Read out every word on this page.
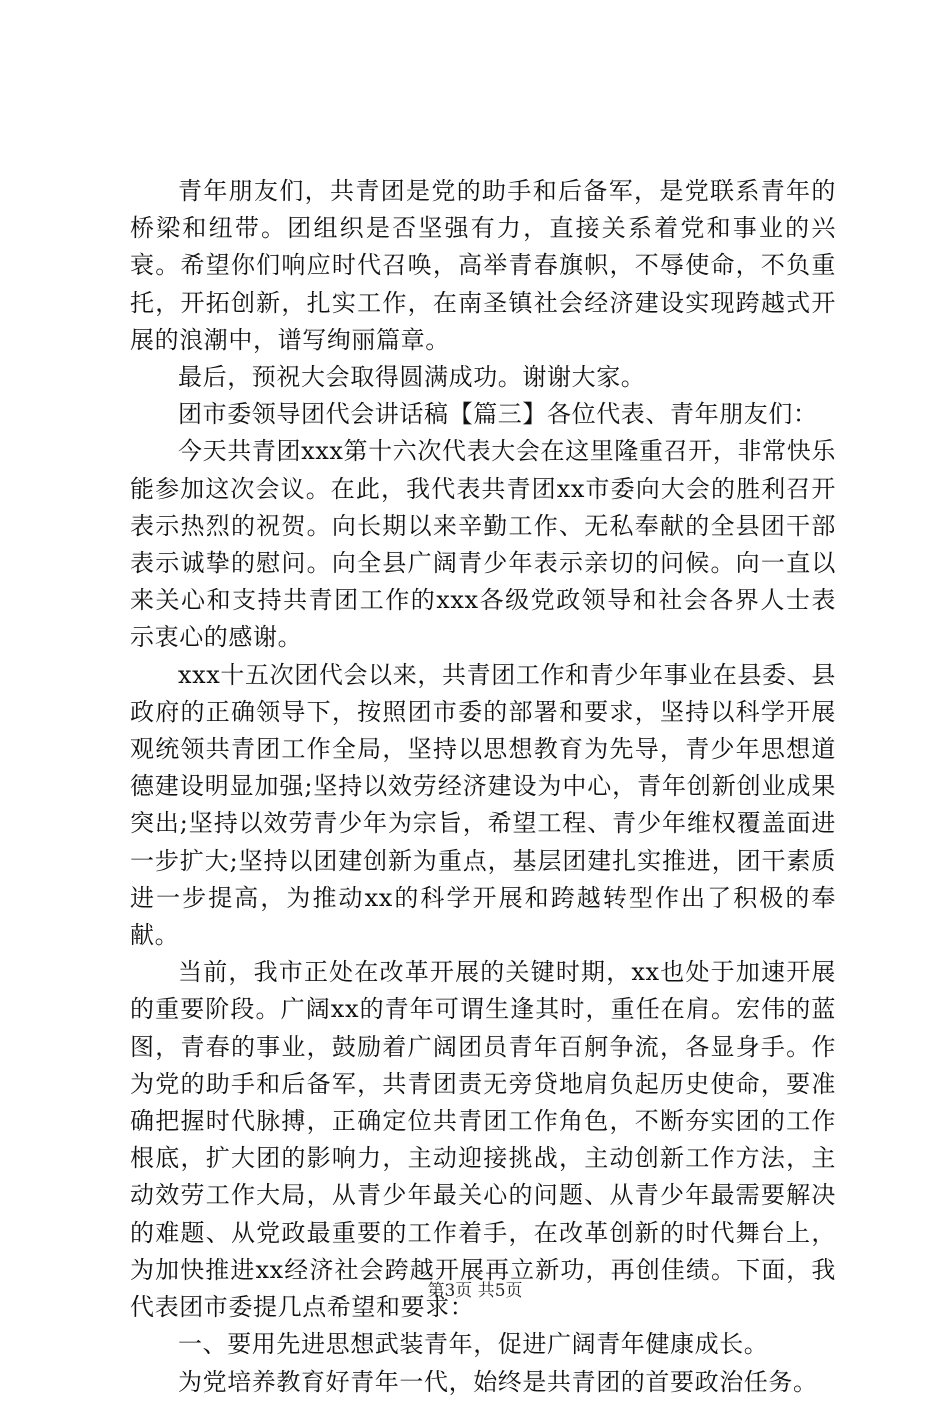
青年朋友们，共青团是党的助手和后备军，是党联系青年的桥梁和纽带。团组织是否坚强有力，直接关系着党和事业的兴衰。希望你们响应时代召唤，高举青春旗帜，不辱使命，不负重托，开拓创新，扎实工作，在南圣镇社会经济建设实现跨越式开展的浪潮中，谱写绚丽篇章。

最后，预祝大会取得圆满成功。谢谢大家。

团市委领导团代会讲话稿【篇三】各位代表、青年朋友们：

今天共青团xxx第十六次代表大会在这里隆重召开，非常快乐能参加这次会议。在此，我代表共青团xx市委向大会的胜利召开表示热烈的祝贺。向长期以来辛勤工作、无私奉献的全县团干部表示诚挚的慰问。向全县广阔青少年表示亲切的问候。向一直以来关心和支持共青团工作的xxx各级党政领导和社会各界人士表示衷心的感谢。

xxx十五次团代会以来，共青团工作和青少年事业在县委、县政府的正确领导下，按照团市委的部署和要求，坚持以科学开展观统领共青团工作全局，坚持以思想教育为先导，青少年思想道德建设明显加强;坚持以效劳经济建设为中心，青年创新创业成果突出;坚持以效劳青少年为宗旨，希望工程、青少年维权覆盖面进一步扩大;坚持以团建创新为重点，基层团建扎实推进，团干素质进一步提高，为推动xx的科学开展和跨越转型作出了积极的奉献。

当前，我市正处在改革开展的关键时期，xx也处于加速开展的重要阶段。广阔xx的青年可谓生逢其时，重任在肩。宏伟的蓝图，青春的事业，鼓励着广阔团员青年百舸争流，各显身手。作为党的助手和后备军，共青团责无旁贷地肩负起历史使命，要准确把握时代脉搏，正确定位共青团工作角色，不断夯实团的工作根底，扩大团的影响力，主动迎接挑战，主动创新工作方法，主动效劳工作大局，从青少年最关心的问题、从青少年最需要解决的难题、从党政最重要的工作着手，在改革创新的时代舞台上，为加快推进xx经济社会跨越开展再立新功，再创佳绩。下面，我代表团市委提几点希望和要求：

一、要用先进思想武装青年，促进广阔青年健康成长。

为党培养教育好青年一代，始终是共青团的首要政治任务。

第3页 共5页
